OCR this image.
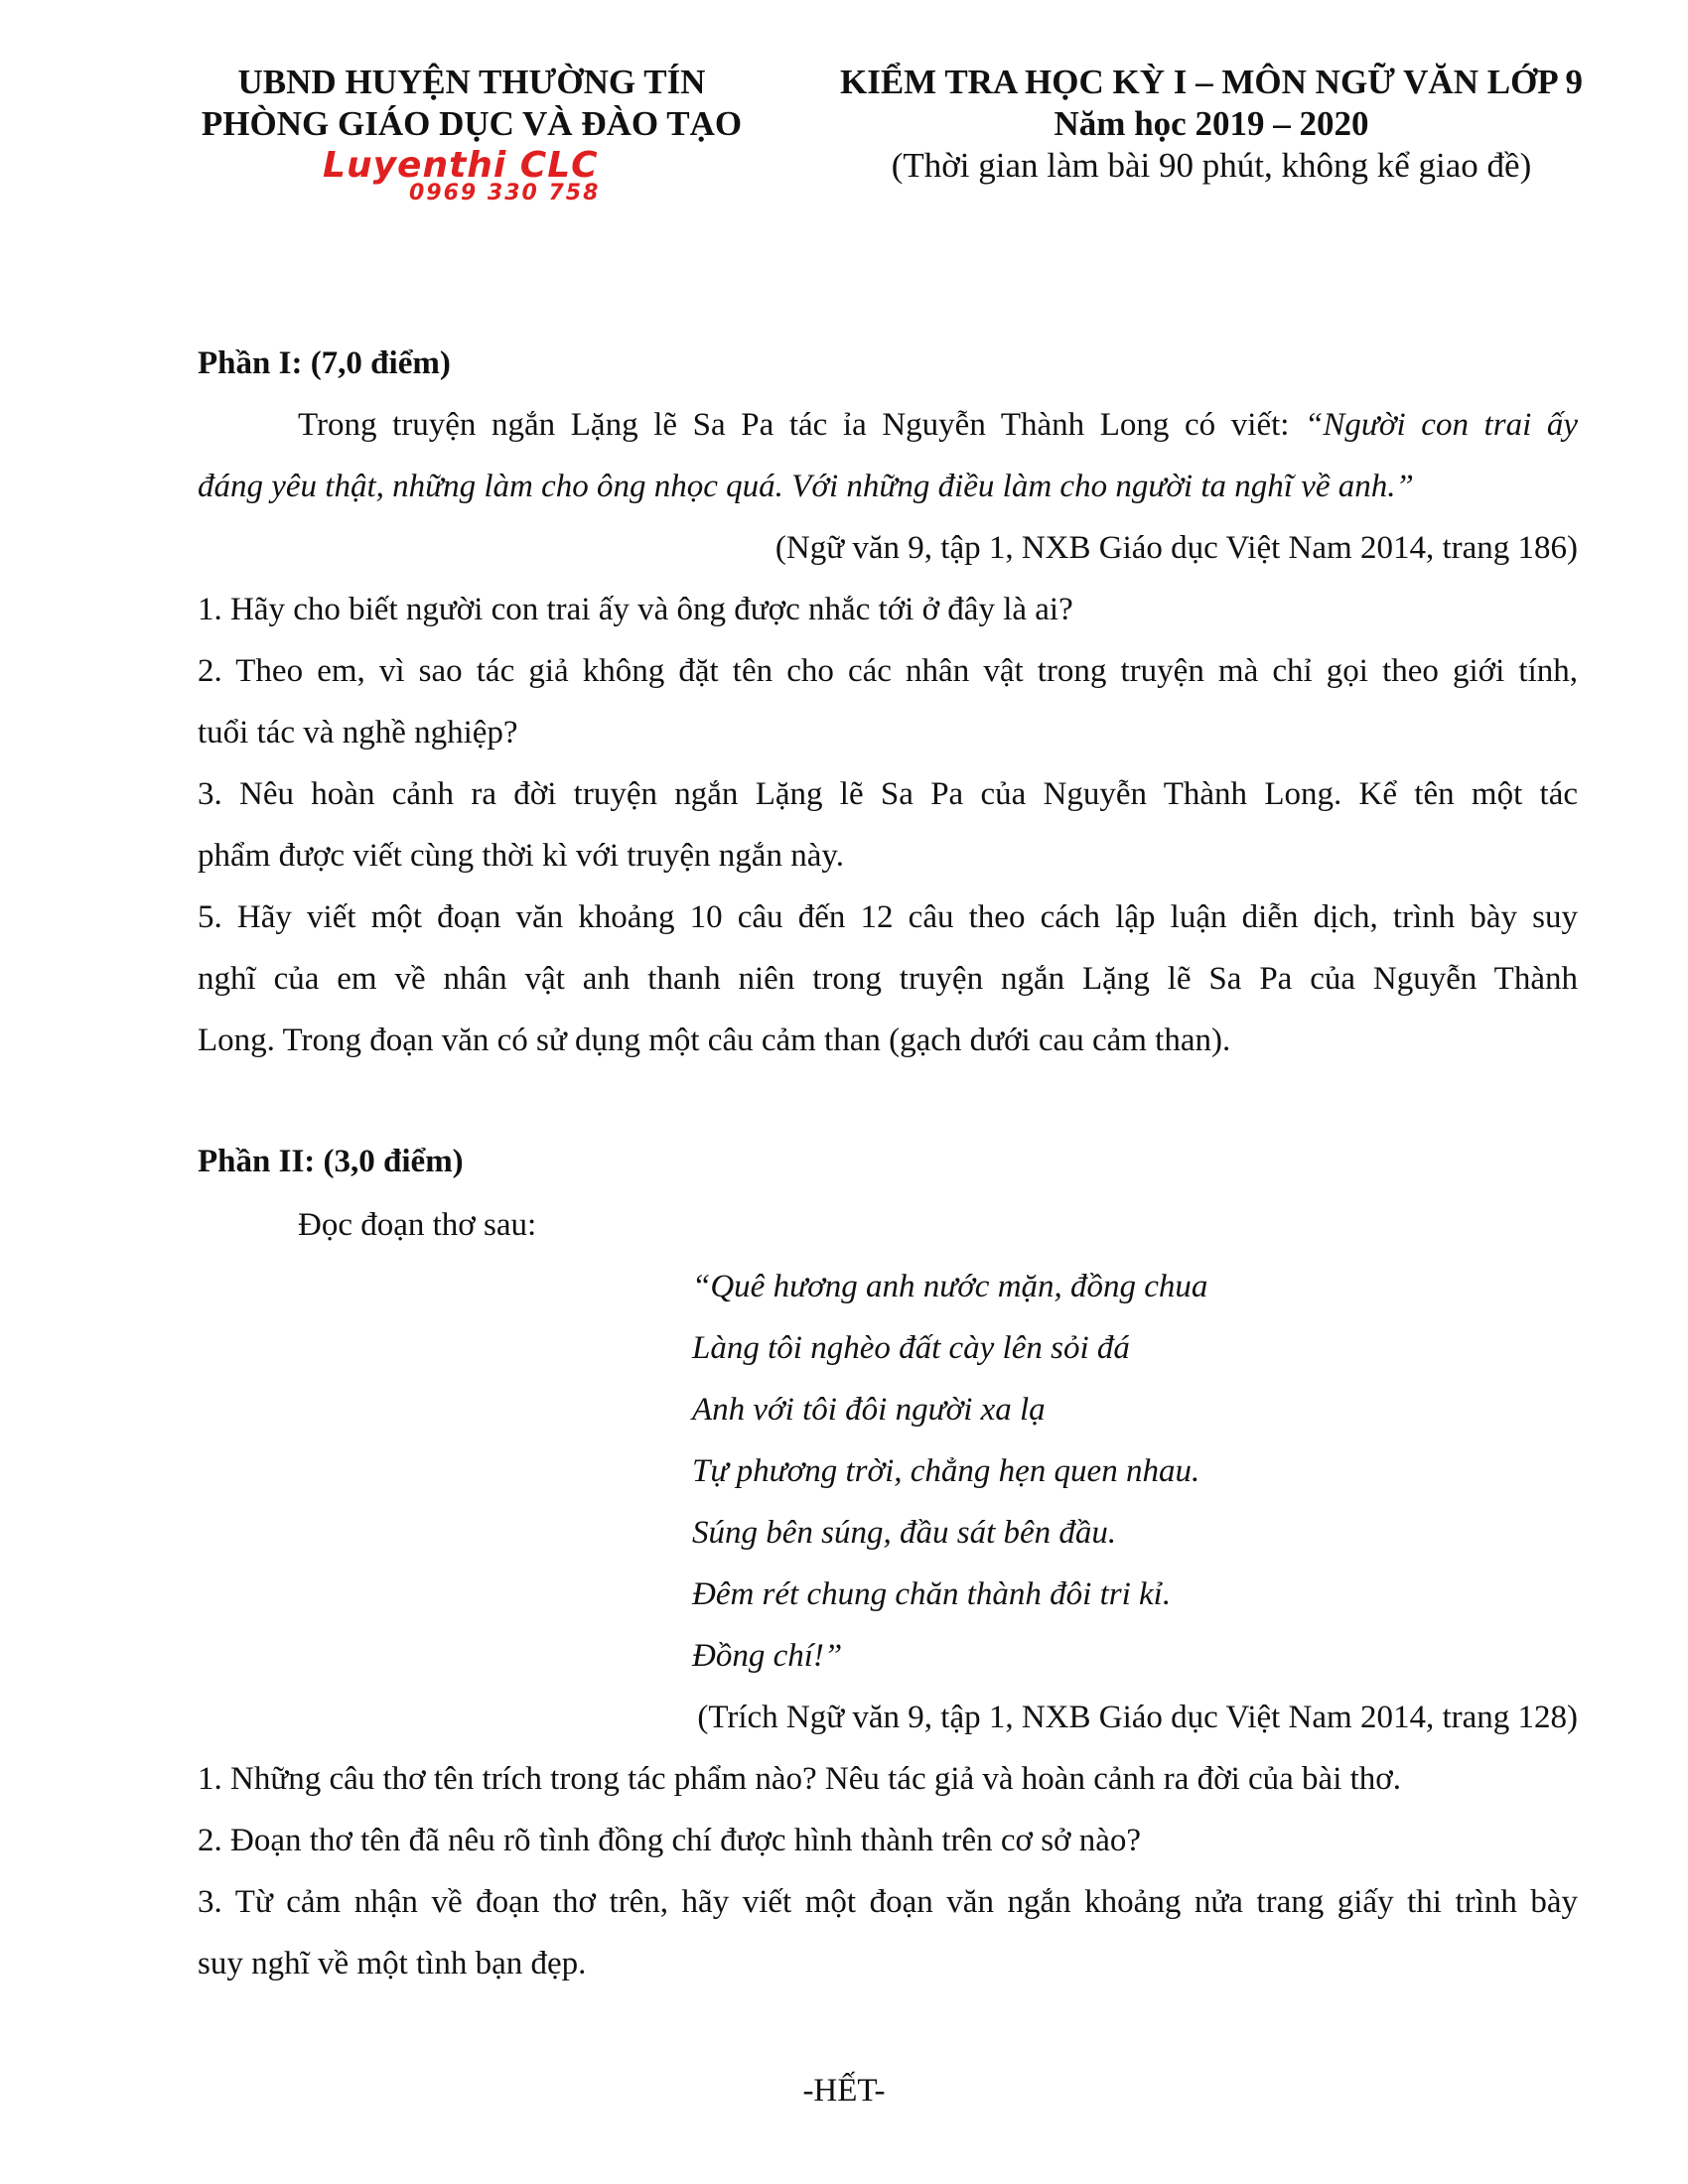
UBND HUYỆN THƯỜNG TÍN
PHÒNG GIÁO DỤC VÀ ĐÀO TẠO
Luyenthi CLC
0969 330 758
KIỂM TRA HỌC KỲ I – MÔN NGỮ VĂN LỚP 9
Năm học 2019 – 2020
(Thời gian làm bài 90 phút, không kể giao đề)
Phần I: (7,0 điểm)
Trong truyện ngắn Lặng lẽ Sa Pa tác ỉa Nguyễn Thành Long có viết: “Người con trai ấy
đáng yêu thật, những làm cho ông nhọc quá. Với những điều làm cho người ta nghĩ về anh.”
(Ngữ văn 9, tập 1, NXB Giáo dục Việt Nam 2014, trang 186)
1. Hãy cho biết người con trai ấy và ông được nhắc tới ở đây là ai?
2. Theo em, vì sao tác giả không đặt tên cho các nhân vật trong truyện mà chỉ gọi theo giới tính,
tuổi tác và nghề nghiệp?
3. Nêu hoàn cảnh ra đời truyện ngắn Lặng lẽ Sa Pa của Nguyễn Thành Long. Kể tên một tác
phẩm được viết cùng thời kì với truyện ngắn này.
5. Hãy viết một đoạn văn khoảng 10 câu đến 12 câu theo cách lập luận diễn dịch, trình bày suy
nghĩ của em về nhân vật anh thanh niên trong truyện ngắn Lặng lẽ Sa Pa của Nguyễn Thành
Long. Trong đoạn văn có sử dụng một câu cảm than (gạch dưới cau cảm than).
Phần II: (3,0 điểm)
Đọc đoạn thơ sau:
“Quê hương anh nước mặn, đồng chua
Làng tôi nghèo đất cày lên sỏi đá
Anh với tôi đôi người xa lạ
Tự phương trời, chẳng hẹn quen nhau.
Súng bên súng, đầu sát bên đầu.
Đêm rét chung chăn thành đôi tri kỉ.
Đồng chí!”
(Trích Ngữ văn 9, tập 1, NXB Giáo dục Việt Nam 2014, trang 128)
1. Những câu thơ tên trích trong tác phẩm nào? Nêu tác giả và hoàn cảnh ra đời của bài thơ.
2. Đoạn thơ tên đã nêu rõ tình đồng chí được hình thành trên cơ sở nào?
3. Từ cảm nhận về đoạn thơ trên, hãy viết một đoạn văn ngắn khoảng nửa trang giấy thi trình bày
suy nghĩ về một tình bạn đẹp.
-HẾT-
